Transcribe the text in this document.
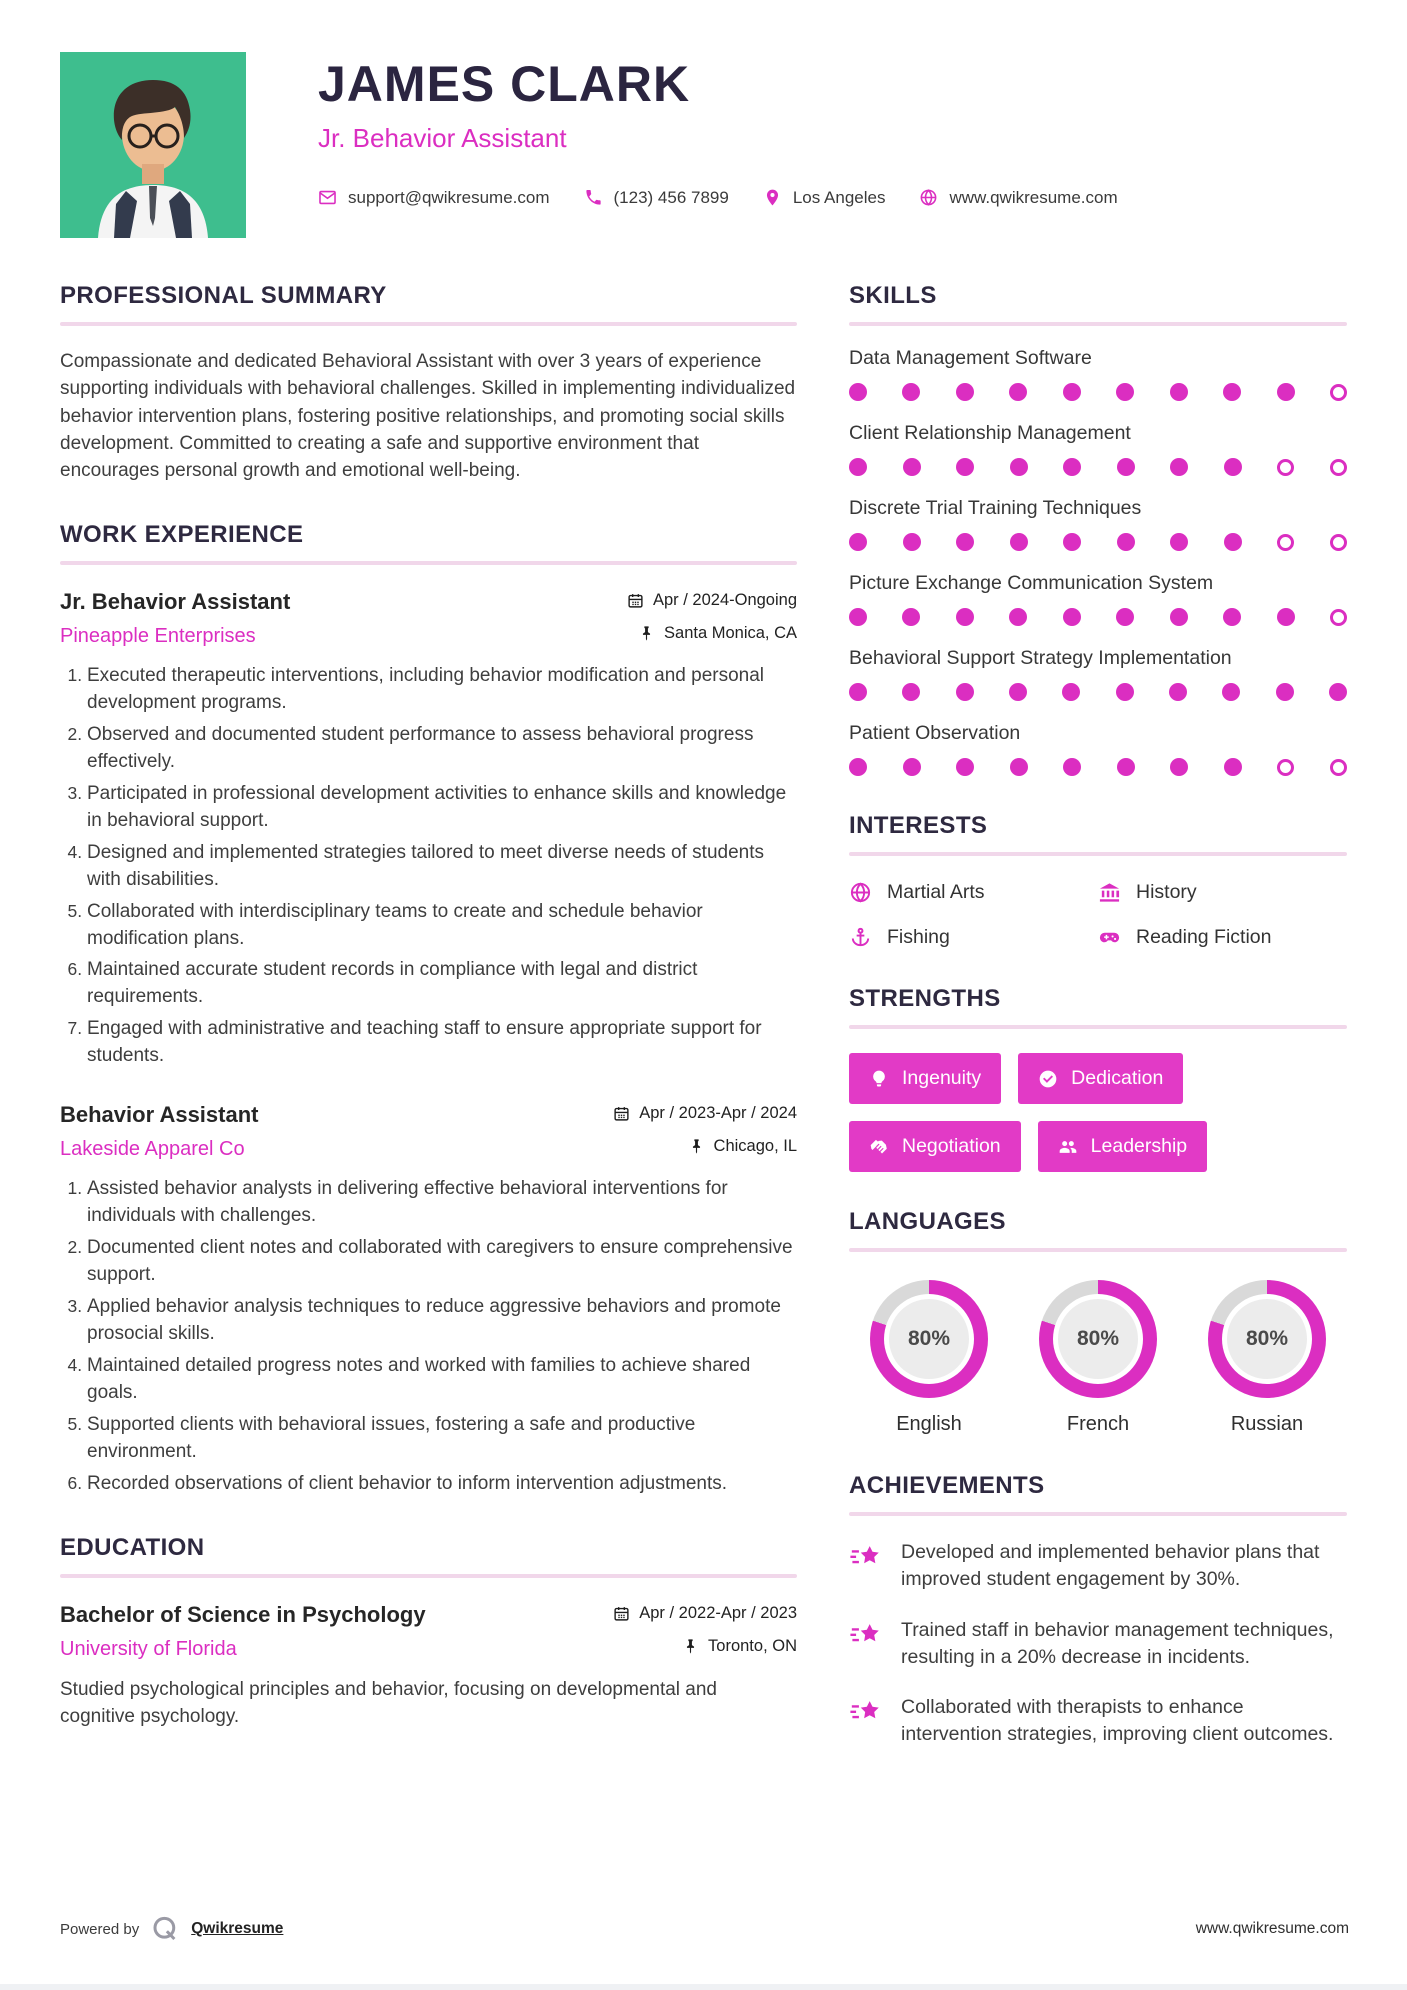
JAMES CLARK
Jr. Behavior Assistant
support@qwikresume.com	(123) 456 7899	Los Angeles	www.qwikresume.com
PROFESSIONAL SUMMARY
Compassionate and dedicated Behavioral Assistant with over 3 years of experience supporting individuals with behavioral challenges. Skilled in implementing individualized behavior intervention plans, fostering positive relationships, and promoting social skills development. Committed to creating a safe and supportive environment that encourages personal growth and emotional well-being.
WORK EXPERIENCE
Jr. Behavior Assistant	Apr / 2024-Ongoing
Pineapple Enterprises	Santa Monica, CA
1. Executed therapeutic interventions, including behavior modification and personal development programs.
2. Observed and documented student performance to assess behavioral progress effectively.
3. Participated in professional development activities to enhance skills and knowledge in behavioral support.
4. Designed and implemented strategies tailored to meet diverse needs of students with disabilities.
5. Collaborated with interdisciplinary teams to create and schedule behavior modification plans.
6. Maintained accurate student records in compliance with legal and district requirements.
7. Engaged with administrative and teaching staff to ensure appropriate support for students.
Behavior Assistant	Apr / 2023-Apr / 2024
Lakeside Apparel Co	Chicago, IL
1. Assisted behavior analysts in delivering effective behavioral interventions for individuals with challenges.
2. Documented client notes and collaborated with caregivers to ensure comprehensive support.
3. Applied behavior analysis techniques to reduce aggressive behaviors and promote prosocial skills.
4. Maintained detailed progress notes and worked with families to achieve shared goals.
5. Supported clients with behavioral issues, fostering a safe and productive environment.
6. Recorded observations of client behavior to inform intervention adjustments.
EDUCATION
Bachelor of Science in Psychology	Apr / 2022-Apr / 2023
University of Florida	Toronto, ON
Studied psychological principles and behavior, focusing on developmental and cognitive psychology.
SKILLS
Data Management Software
Client Relationship Management
Discrete Trial Training Techniques
Picture Exchange Communication System
Behavioral Support Strategy Implementation
Patient Observation
INTERESTS
Martial Arts	History
Fishing	Reading Fiction
STRENGTHS
Ingenuity	Dedication
Negotiation	Leadership
LANGUAGES
80%
English
80%
French
80%
Russian
ACHIEVEMENTS
Developed and implemented behavior plans that improved student engagement by 30%.
Trained staff in behavior management techniques, resulting in a 20% decrease in incidents.
Collaborated with therapists to enhance intervention strategies, improving client outcomes.
Powered by	Qwikresume	www.qwikresume.com
